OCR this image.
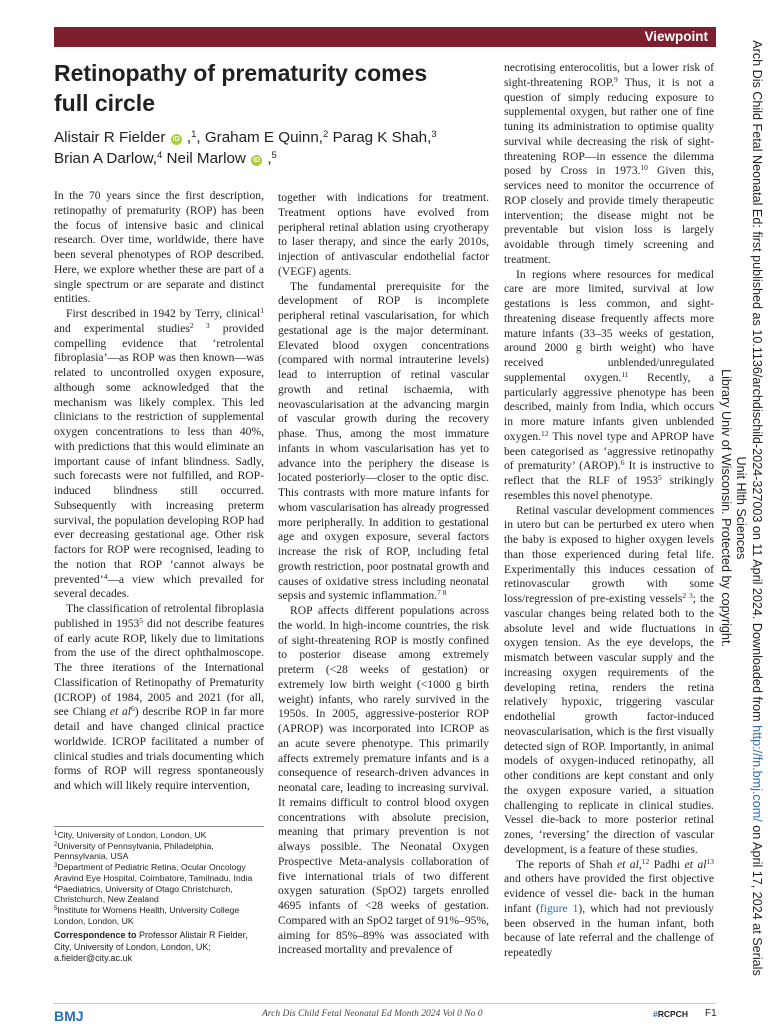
Viewpoint
Retinopathy of prematurity comes full circle
Alistair R Fielder iD ,$^1$, Graham E Quinn,$^2$ Parag K Shah,$^3$
Brian A Darlow,$^4$ Neil Marlow iD ,$^5$

In the 70 years since the first description, retinopathy of prematurity (ROP) has been the focus of intensive basic and clinical research. Over time, worldwide, there have been several phenotypes of ROP described. Here, we explore whether these are part of a single spectrum or are separate and distinct entities.

First described in 1942 by Terry, clinical$^1$ and experimental studies$^{2 3}$ provided compelling evidence that ‘retrolental fibroplasia’—as ROP was then known—was related to uncontrolled oxygen exposure, although some acknowledged that the mechanism was likely complex. This led clinicians to the restriction of supplemental oxygen concentrations to less than 40%, with predictions that this would eliminate an important cause of infant blindness. Sadly, such forecasts were not fulfilled, and ROP-induced blindness still occurred. Subsequently with increasing preterm survival, the population developing ROP had ever decreasing gestational age. Other risk factors for ROP were recognised, leading to the notion that ROP ‘cannot always be prevented’$^4$—a view which prevailed for several decades.

The classification of retrolental fibroplasia published in 1953$^5$ did not describe features of early acute ROP, likely due to limitations from the use of the direct ophthalmoscope. The three iterations of the International Classification of Retinopathy of Prematurity (ICROP) of 1984, 2005 and 2021 (for all, see Chiang et al$^6$) describe ROP in far more detail and have changed clinical practice worldwide. ICROP facilitated a number of clinical studies and trials documenting which forms of ROP will regress spontaneously and which will likely require intervention,

together with indications for treatment. Treatment options have evolved from peripheral retinal ablation using cryotherapy to laser therapy, and since the early 2010s, injection of antivascular endothelial factor (VEGF) agents.

The fundamental prerequisite for the development of ROP is incomplete peripheral retinal vascularisation, for which gestational age is the major determinant. Elevated blood oxygen concentrations (compared with normal intrauterine levels) lead to interruption of retinal vascular growth and retinal ischaemia, with neovascularisation at the advancing margin of vascular growth during the recovery phase. Thus, among the most immature infants in whom vascularisation has yet to advance into the periphery the disease is located posteriorly—closer to the optic disc. This contrasts with more mature infants for whom vascularisation has already progressed more peripherally. In addition to gestational age and oxygen exposure, several factors increase the risk of ROP, including fetal growth restriction, poor postnatal growth and causes of oxidative stress including neonatal sepsis and systemic inflammation.$^{7 8}$

ROP affects different populations across the world. In high-income countries, the risk of sight-threatening ROP is mostly confined to posterior disease among extremely preterm (<28 weeks of gestation) or extremely low birth weight (<1000 g birth weight) infants, who rarely survived in the 1950s. In 2005, aggressive-posterior ROP (APROP) was incorporated into ICROP as an acute severe phenotype. This primarily affects extremely premature infants and is a consequence of research-driven advances in neonatal care, leading to increasing survival. It remains difficult to control blood oxygen concentrations with absolute precision, meaning that primary prevention is not always possible. The Neonatal Oxygen Prospective Meta-analysis collaboration of five international trials of two different oxygen saturation (SpO2) targets enrolled 4695 infants of <28 weeks of gestation. Compared with an SpO2 target of 91%–95%, aiming for 85%–89% was associated with increased mortality and prevalence of

necrotising enterocolitis, but a lower risk of sight-threatening ROP.$^9$ Thus, it is not a question of simply reducing exposure to supplemental oxygen, but rather one of fine tuning its administration to optimise quality survival while decreasing the risk of sight-threatening ROP—in essence the dilemma posed by Cross in 1973.10 Given this, services need to monitor the occurrence of ROP closely and provide timely therapeutic intervention; the disease might not be preventable but vision loss is largely avoidable through timely screening and treatment.

In regions where resources for medical care are more limited, survival at low gestations is less common, and sight-threatening disease frequently affects more mature infants (33–35 weeks of gestation, around 2000 g birth weight) who have received unblended/unregulated supplemental oxygen.$^{11}$ Recently, a particularly aggressive phenotype has been described, mainly from India, which occurs in more mature infants given unblended oxygen.$^{12}$ This novel type and APROP have been categorised as ‘aggressive retinopathy of prematurity’ (AROP).$^6$ It is instructive to reflect that the RLF of 1953$^5$ strikingly resembles this novel phenotype.

Retinal vascular development commences in utero but can be perturbed ex utero when the baby is exposed to higher oxygen levels than those experienced during fetal life. Experimentally this induces cessation of retinovascular growth with some loss/regression of pre-existing vessels$^{2 3}$; the vascular changes being related both to the absolute level and wide fluctuations in oxygen tension. As the eye develops, the mismatch between vascular supply and the increasing oxygen requirements of the developing retina, renders the retina relatively hypoxic, triggering vascular endothelial growth factor-induced neovascularisation, which is the first visually detected sign of ROP. Importantly, in animal models of oxygen-induced retinopathy, all other conditions are kept constant and only the oxygen exposure varied, a situation challenging to replicate in clinical studies. Vessel die-back to more posterior retinal zones, ‘reversing’ the direction of vascular development, is a feature of these studies.

The reports of Shah et al,$^{12}$ Padhi et al$^{13}$ and others have provided the first objective evidence of vessel die- back in the human infant (figure 1), which had not previously been observed in the human infant, both because of late referral and the challenge of repeatedly

$^1$City, University of London, London, UK
$^2$University of Pennsylvania, Philadelphia, Pennsylvania, USA
$^3$Department of Pediatric Retina, Ocular Oncology Aravind Eye Hospital, Coimbatore, Tamilnadu, India
$^4$Paediatrics, University of Otago Christchurch, Christchurch, New Zealand
$^5$Institute for Womens Health, University College London, London, UK
Correspondence to Professor Alistair R Fielder, City, University of London, London, UK; a.fielder@city.ac.uk
BMJ	Arch Dis Child Fetal Neonatal Ed Month 2024 Vol 0 No 0	#RCPCH F1
Arch Dis Child Fetal Neonatal Ed: first published as 10.1136/archdischild-2024-327003 on 11 April 2024. Downloaded from http://fn.bmj.com/ on April 17, 2024 at Serials Unit Hlth Sciences
Library Univ of Wisconsin. Protected by copyright.
